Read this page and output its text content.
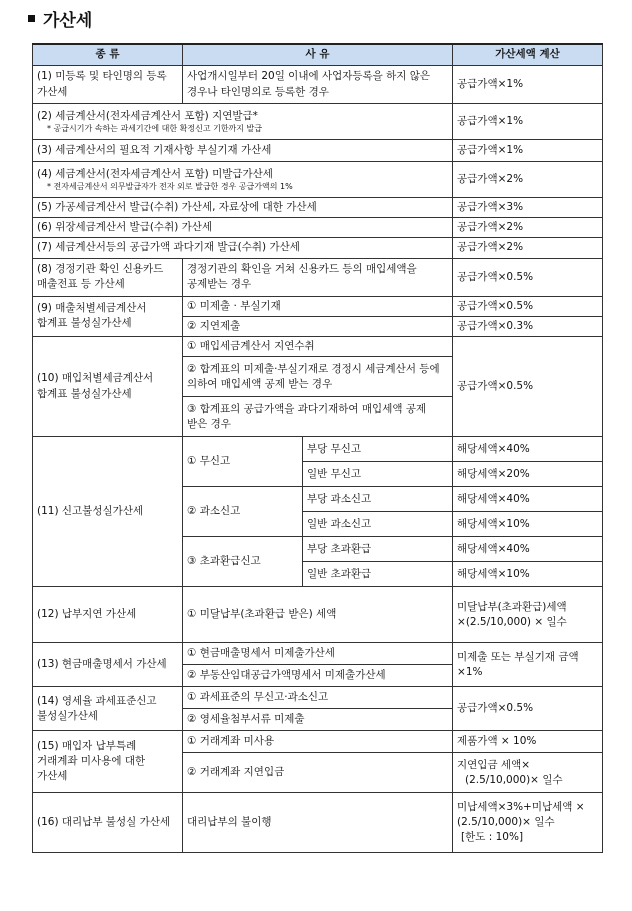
가산세
종 류	사 유		가산세액 계산
(1) 미등록 및 타인명의 등록 가산세	사업개시일부터 20일 이내에 사업자등록을 하지 않은 경우나 타인명의로 등록한 경우		공급가액×1%
(2) 세금계산서(전자세금계산서 포함) 지연발급*
* 공급시기가 속하는 과세기간에 대한 확정신고 기한까지 발급			공급가액×1%
(3) 세금계산서의 필요적 기재사항 부실기재 가산세			공급가액×1%
(4) 세금계산서(전자세금계산서 포함) 미발급가산세
* 전자세금계산서 의무발급자가 전자 외로 발급한 경우 공급가액의 1%			공급가액×2%
(5) 가공세금계산서 발급(수취) 가산세, 자료상에 대한 가산세			공급가액×3%
(6) 위장세금계산서 발급(수취) 가산세			공급가액×2%
(7) 세금계산서등의 공급가액 과다기재 발급(수취) 가산세			공급가액×2%
(8) 경정기관 확인 신용카드 매출전표 등 가산세	경정기관의 확인을 거쳐 신용카드 등의 매입세액을 공제받는 경우		공급가액×0.5%
(9) 매출처별세금계산서 합계표 불성실가산세	① 미제출 · 부실기재		공급가액×0.5%
	② 지연제출		공급가액×0.3%
(10) 매입처별세금계산서 합계표 불성실가산세	① 매입세금계산서 지연수취		공급가액×0.5%
	② 합계표의 미제출·부실기재로 경정시 세금계산서 등에 의하여 매입세액 공제 받는 경우		
	③ 합계표의 공급가액을 과다기재하여 매입세액 공제 받은 경우		
(11) 신고불성실가산세	① 무신고	부당 무신고	해당세액×40%
		일반 무신고	해당세액×20%
	② 과소신고	부당 과소신고	해당세액×40%
		일반 과소신고	해당세액×10%
	③ 초과환급신고	부당 초과환급	해당세액×40%
		일반 초과환급	해당세액×10%
(12) 납부지연 가산세	① 미달납부(초과환급 받은) 세액		미달납부(초과환급)세액 ×(2.5/10,000) × 일수
(13) 현금매출명세서 가산세	① 현금매출명세서 미제출가산세		미제출 또는 부실기재 금액×1%
	② 부동산임대공급가액명세서 미제출가산세		
(14) 영세율 과세표준신고 불성실가산세	① 과세표준의 무신고·과소신고		공급가액×0.5%
	② 영세율첨부서류 미제출		
(15) 매입자 납부특례 거래계좌 미사용에 대한 가산세	① 거래계좌 미사용		제품가액 × 10%
	② 거래계좌 지연입금		지연입금 세액×
(2.5/10,000)× 일수

(16) 대리납부 불성실 가산세	대리납부의 불이행		미납세액×3%+미납세액 × (2.5/10,000)× 일수
[한도 : 10%]
